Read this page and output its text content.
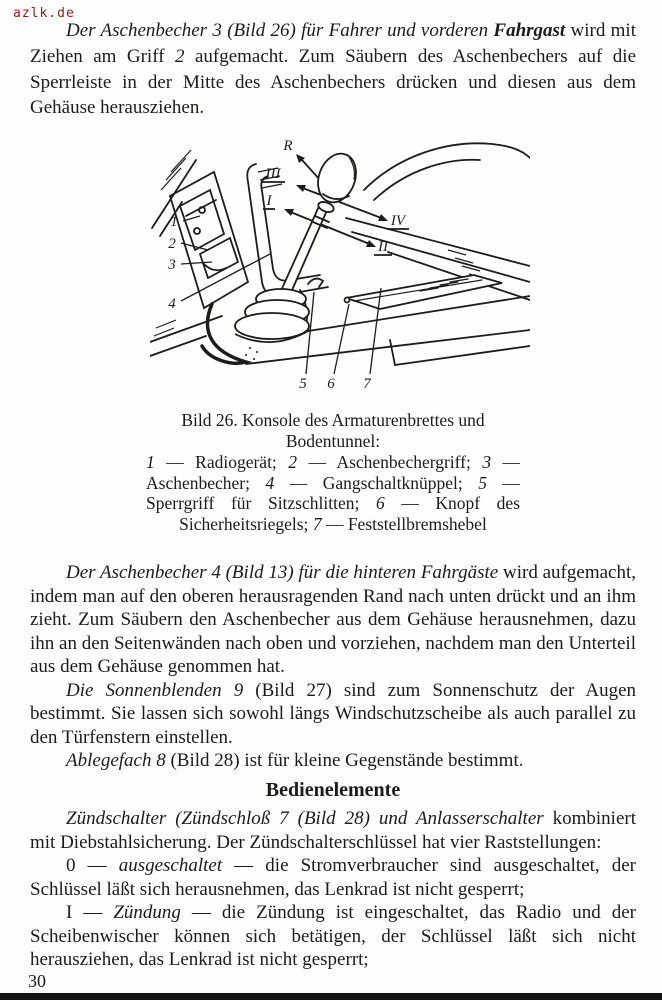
azlk.de

Der Aschenbecher 3 (Bild 26) für Fahrer und vorderen Fahrgast wird mit Ziehen am Griff 2 aufgemacht. Zum Säubern des Aschenbechers auf die Sperrleiste in der Mitte des Aschenbechers drücken und diesen aus dem Gehäuse herausziehen.

R
III
I
IV
II
1
2
3
4
5 6 7
Bild 26. Konsole des Armaturenbrettes und Bodentunnel:
1 — Radiogerät; 2 — Aschenbechergriff; 3 — Aschenbecher; 4 — Gangschaltknüppel; 5 — Sperrgriff für Sitzschlitten; 6 — Knopf des Sicherheitsriegels; 7 — Feststellbremshebel

Der Aschenbecher 4 (Bild 13) für die hinteren Fahrgäste wird aufgemacht, indem man auf den oberen herausragenden Rand nach unten drückt und an ihm zieht. Zum Säubern den Aschenbecher aus dem Gehäuse herausnehmen, dazu ihn an den Seitenwänden nach oben und vorziehen, nachdem man den Unterteil aus dem Gehäuse genommen hat.

Die Sonnenblenden 9 (Bild 27) sind zum Sonnenschutz der Augen bestimmt. Sie lassen sich sowohl längs Windschutzscheibe als auch parallel zu den Türfenstern einstellen.

Ablegefach 8 (Bild 28) ist für kleine Gegenstände bestimmt.

Bedienelemente

Zündschalter (Zündschloß 7 (Bild 28) und Anlasserschalter kombiniert mit Diebstahlsicherung. Der Zündschalterschlüssel hat vier Raststellungen:

0 — ausgeschaltet — die Stromverbraucher sind ausgeschaltet, der Schlüssel läßt sich herausnehmen, das Lenkrad ist nicht gesperrt;

I — Zündung — die Zündung ist eingeschaltet, das Radio und der Scheibenwischer können sich betätigen, der Schlüssel läßt sich nicht herausziehen, das Lenkrad ist nicht gesperrt;

30
